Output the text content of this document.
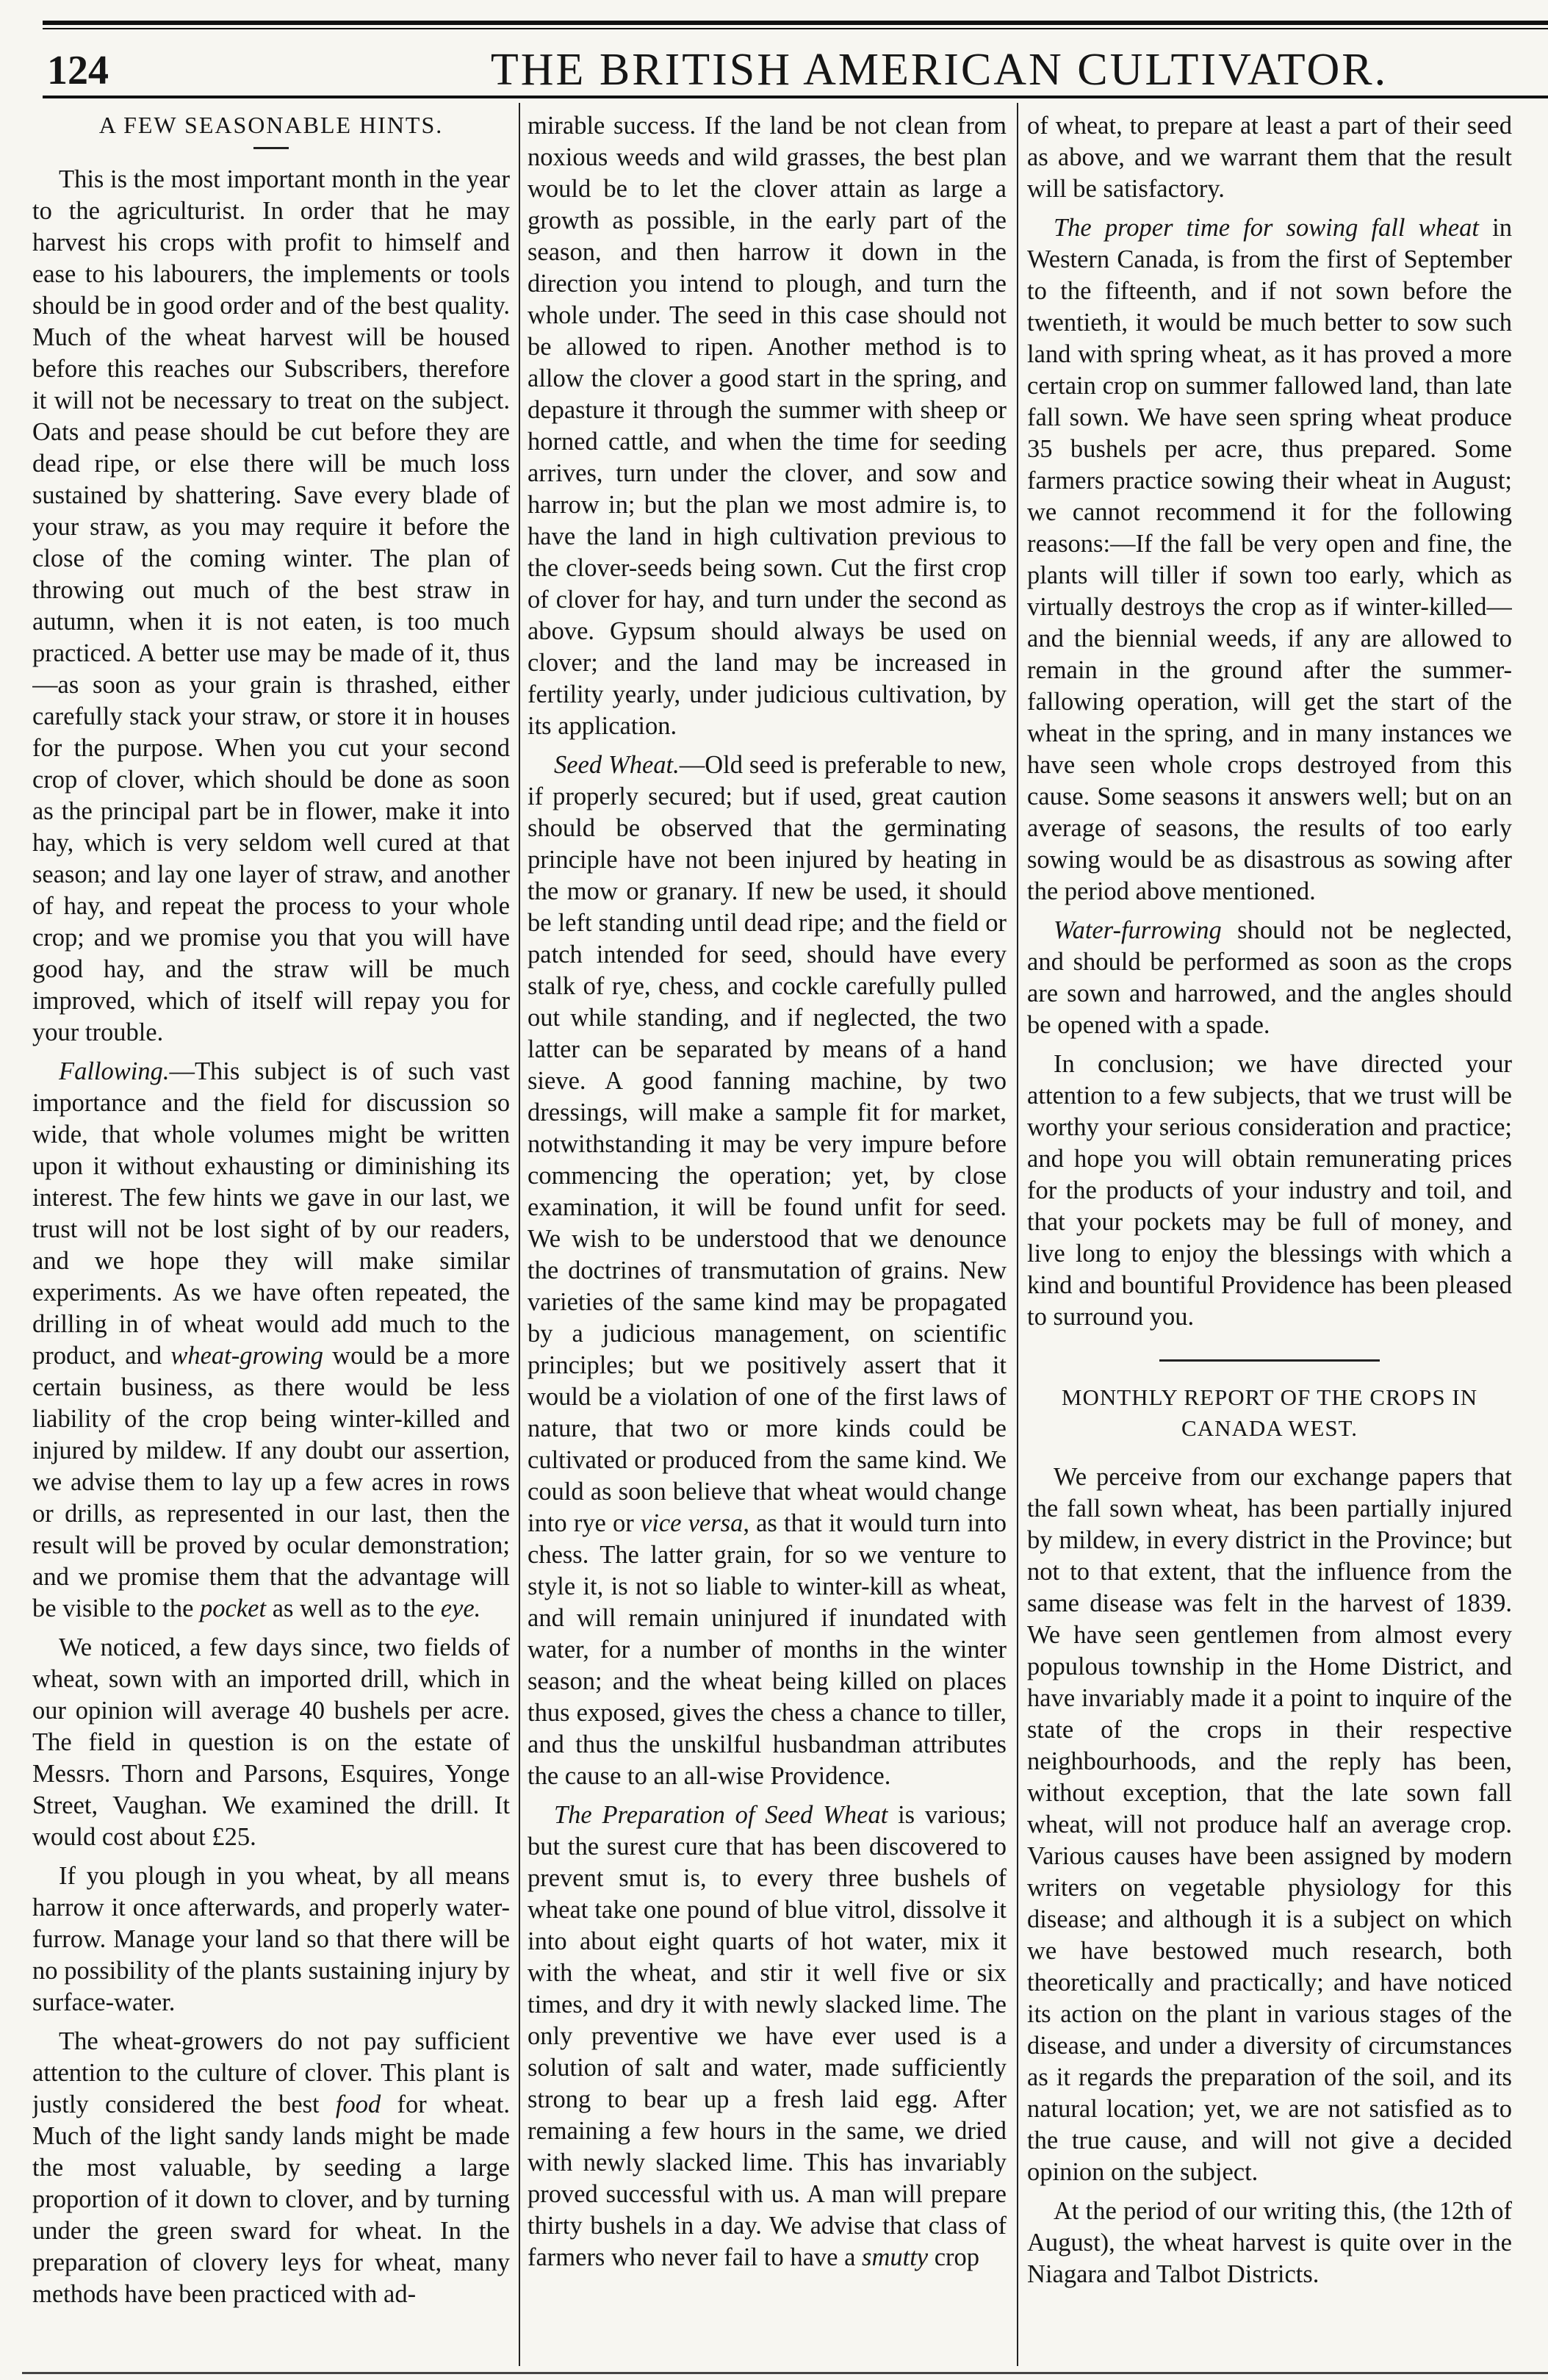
124	THE BRITISH AMERICAN CULTIVATOR.
A FEW SEASONABLE HINTS.

This is the most important month in the year to the agriculturist. In order that he may harvest his crops with profit to himself and ease to his labourers, the implements or tools should be in good order and of the best quality. Much of the wheat harvest will be housed before this reaches our Subscribers, therefore it will not be necessary to treat on the subject. Oats and pease should be cut before they are dead ripe, or else there will be much loss sustained by shattering. Save every blade of your straw, as you may require it before the close of the coming winter. The plan of throwing out much of the best straw in autumn, when it is not eaten, is too much practiced. A better use may be made of it, thus—as soon as your grain is thrashed, either carefully stack your straw, or store it in houses for the purpose. When you cut your second crop of clover, which should be done as soon as the principal part be in flower, make it into hay, which is very seldom well cured at that season; and lay one layer of straw, and another of hay, and repeat the process to your whole crop; and we promise you that you will have good hay, and the straw will be much improved, which of itself will repay you for your trouble.

Fallowing.—This subject is of such vast importance and the field for discussion so wide, that whole volumes might be written upon it without exhausting or diminishing its interest. The few hints we gave in our last, we trust will not be lost sight of by our readers, and we hope they will make similar experiments. As we have often repeated, the drilling in of wheat would add much to the product, and wheat-growing would be a more certain business, as there would be less liability of the crop being winter-killed and injured by mildew. If any doubt our assertion, we advise them to lay up a few acres in rows or drills, as represented in our last, then the result will be proved by ocular demonstration; and we promise them that the advantage will be visible to the pocket as well as to the eye.

We noticed, a few days since, two fields of wheat, sown with an imported drill, which in our opinion will average 40 bushels per acre. The field in question is on the estate of Messrs. Thorn and Parsons, Esquires, Yonge Street, Vaughan. We examined the drill. It would cost about £25.

If you plough in you wheat, by all means harrow it once afterwards, and properly water-furrow. Manage your land so that there will be no possibility of the plants sustaining injury by surface-water.

The wheat-growers do not pay sufficient attention to the culture of clover. This plant is justly considered the best food for wheat. Much of the light sandy lands might be made the most valuable, by seeding a large proportion of it down to clover, and by turning under the green sward for wheat. In the preparation of clovery leys for wheat, many methods have been practiced with ad-

mirable success. If the land be not clean from noxious weeds and wild grasses, the best plan would be to let the clover attain as large a growth as possible, in the early part of the season, and then harrow it down in the direction you intend to plough, and turn the whole under. The seed in this case should not be allowed to ripen. Another method is to allow the clover a good start in the spring, and depasture it through the summer with sheep or horned cattle, and when the time for seeding arrives, turn under the clover, and sow and harrow in; but the plan we most admire is, to have the land in high cultivation previous to the clover-seeds being sown. Cut the first crop of clover for hay, and turn under the second as above. Gypsum should always be used on clover; and the land may be increased in fertility yearly, under judicious cultivation, by its application.

Seed Wheat.—Old seed is preferable to new, if properly secured; but if used, great caution should be observed that the germinating principle have not been injured by heating in the mow or granary. If new be used, it should be left standing until dead ripe; and the field or patch intended for seed, should have every stalk of rye, chess, and cockle carefully pulled out while standing, and if neglected, the two latter can be separated by means of a hand sieve. A good fanning machine, by two dressings, will make a sample fit for market, notwithstanding it may be very impure before commencing the operation; yet, by close examination, it will be found unfit for seed. We wish to be understood that we denounce the doctrines of transmutation of grains. New varieties of the same kind may be propagated by a judicious management, on scientific principles; but we positively assert that it would be a violation of one of the first laws of nature, that two or more kinds could be cultivated or produced from the same kind. We could as soon believe that wheat would change into rye or vice versa, as that it would turn into chess. The latter grain, for so we venture to style it, is not so liable to winter-kill as wheat, and will remain uninjured if inundated with water, for a number of months in the winter season; and the wheat being killed on places thus exposed, gives the chess a chance to tiller, and thus the unskilful husbandman attributes the cause to an all-wise Providence.

The Preparation of Seed Wheat is various; but the surest cure that has been discovered to prevent smut is, to every three bushels of wheat take one pound of blue vitrol, dissolve it into about eight quarts of hot water, mix it with the wheat, and stir it well five or six times, and dry it with newly slacked lime. The only preventive we have ever used is a solution of salt and water, made sufficiently strong to bear up a fresh laid egg. After remaining a few hours in the same, we dried with newly slacked lime. This has invariably proved successful with us. A man will prepare thirty bushels in a day. We advise that class of farmers who never fail to have a smutty crop

of wheat, to prepare at least a part of their seed as above, and we warrant them that the result will be satisfactory.

The proper time for sowing fall wheat in Western Canada, is from the first of September to the fifteenth, and if not sown before the twentieth, it would be much better to sow such land with spring wheat, as it has proved a more certain crop on summer fallowed land, than late fall sown. We have seen spring wheat produce 35 bushels per acre, thus prepared. Some farmers practice sowing their wheat in August; we cannot recommend it for the following reasons:—If the fall be very open and fine, the plants will tiller if sown too early, which as virtually destroys the crop as if winter-killed—and the biennial weeds, if any are allowed to remain in the ground after the summer-fallowing operation, will get the start of the wheat in the spring, and in many instances we have seen whole crops destroyed from this cause. Some seasons it answers well; but on an average of seasons, the results of too early sowing would be as disastrous as sowing after the period above mentioned.

Water-furrowing should not be neglected, and should be performed as soon as the crops are sown and harrowed, and the angles should be opened with a spade.

In conclusion; we have directed your attention to a few subjects, that we trust will be worthy your serious consideration and practice; and hope you will obtain remunerating prices for the products of your industry and toil, and that your pockets may be full of money, and live long to enjoy the blessings with which a kind and bountiful Providence has been pleased to surround you.

MONTHLY REPORT OF THE CROPS IN CANADA WEST.

We perceive from our exchange papers that the fall sown wheat, has been partially injured by mildew, in every district in the Province; but not to that extent, that the influence from the same disease was felt in the harvest of 1839. We have seen gentlemen from almost every populous township in the Home District, and have invariably made it a point to inquire of the state of the crops in their respective neighbourhoods, and the reply has been, without exception, that the late sown fall wheat, will not produce half an average crop. Various causes have been assigned by modern writers on vegetable physiology for this disease; and although it is a subject on which we have bestowed much research, both theoretically and practically; and have noticed its action on the plant in various stages of the disease, and under a diversity of circumstances as it regards the preparation of the soil, and its natural location; yet, we are not satisfied as to the true cause, and will not give a decided opinion on the subject.

At the period of our writing this, (the 12th of August), the wheat harvest is quite over in the Niagara and Talbot Districts.
